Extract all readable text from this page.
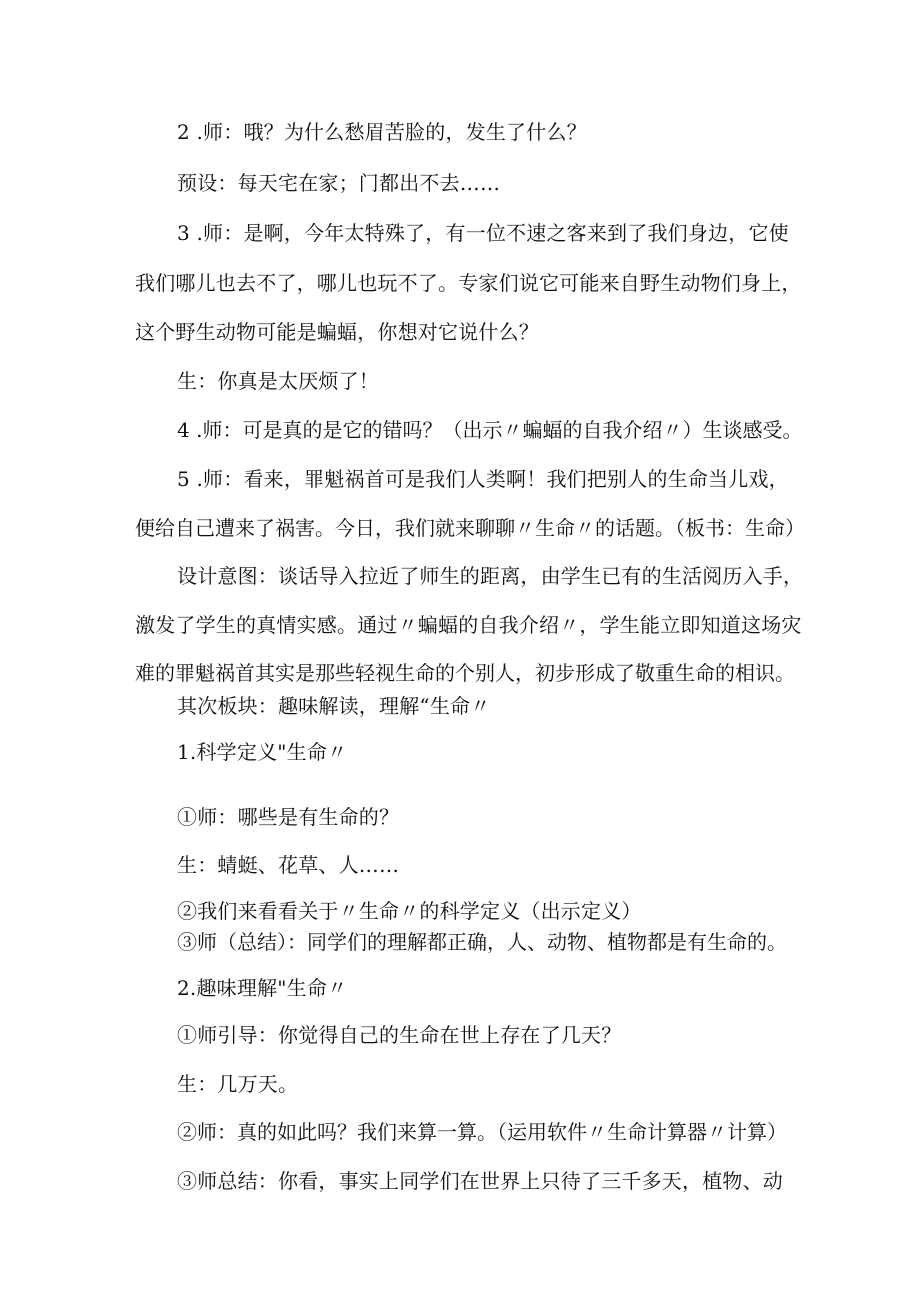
2 .师：哦？为什么愁眉苦脸的，发生了什么？
预设：每天宅在家；门都出不去……
3 .师：是啊，今年太特殊了，有一位不速之客来到了我们身边，它使
我们哪儿也去不了，哪儿也玩不了。专家们说它可能来自野生动物们身上，
这个野生动物可能是蝙蝠，你想对它说什么？
生：你真是太厌烦了！
4 .师：可是真的是它的错吗？（出示〃蝙蝠的自我介绍〃）生谈感受。
5 .师：看来，罪魁祸首可是我们人类啊！我们把别人的生命当儿戏，
便给自己遭来了祸害。今日，我们就来聊聊〃生命〃的话题。（板书：生命）
设计意图：谈话导入拉近了师生的距离，由学生已有的生活阅历入手，
激发了学生的真情实感。通过〃蝙蝠的自我介绍〃，学生能立即知道这场灾
难的罪魁祸首其实是那些轻视生命的个别人，初步形成了敬重生命的相识。
其次板块：趣味解读，理解“生命〃
1.科学定义"生命〃
①师：哪些是有生命的？
生：蜻蜓、花草、人……
②我们来看看关于〃生命〃的科学定义（出示定义）
③师（总结）：同学们的理解都正确，人、动物、植物都是有生命的。
2.趣味理解"生命〃
①师引导：你觉得自己的生命在世上存在了几天？
生：几万天。
②师：真的如此吗？我们来算一算。（运用软件〃生命计算器〃计算）
③师总结：你看，事实上同学们在世界上只待了三千多天，植物、动
